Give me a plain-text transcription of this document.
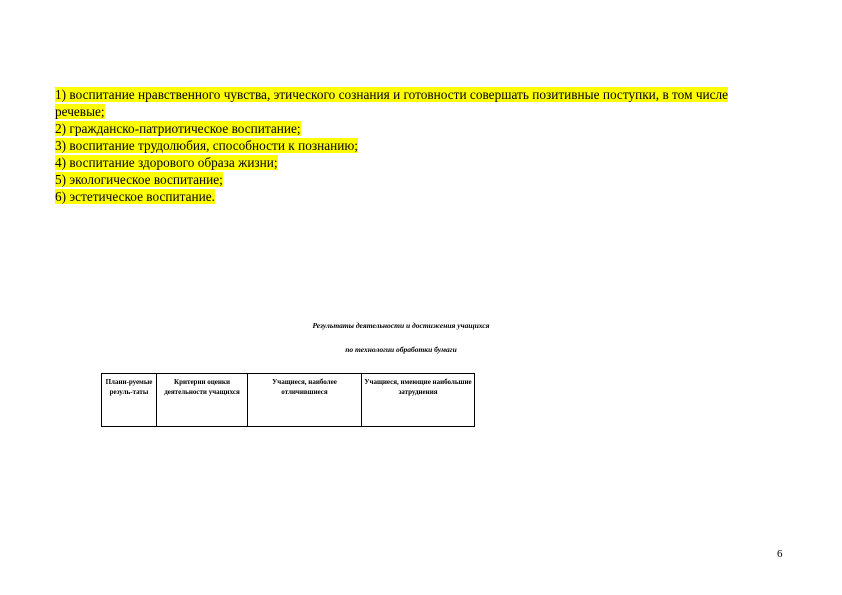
1) воспитание нравственного чувства, этического сознания и готовности совершать позитивные поступки, в том числе
речевые;
2) гражданско-патриотическое воспитание;
3) воспитание трудолюбия, способности к познанию;
4) воспитание здорового образа жизни;
5) экологическое воспитание;
6) эстетическое воспитание.
Результаты деятельности и достижения учащихся
по технологии обработки бумаги
Плани-руемые резуль-таты	Критерии оценки деятельности учащихся	Учащиеся, наиболее отличившиеся	Учащиеся, имеющие наибольшие затруднения
6
